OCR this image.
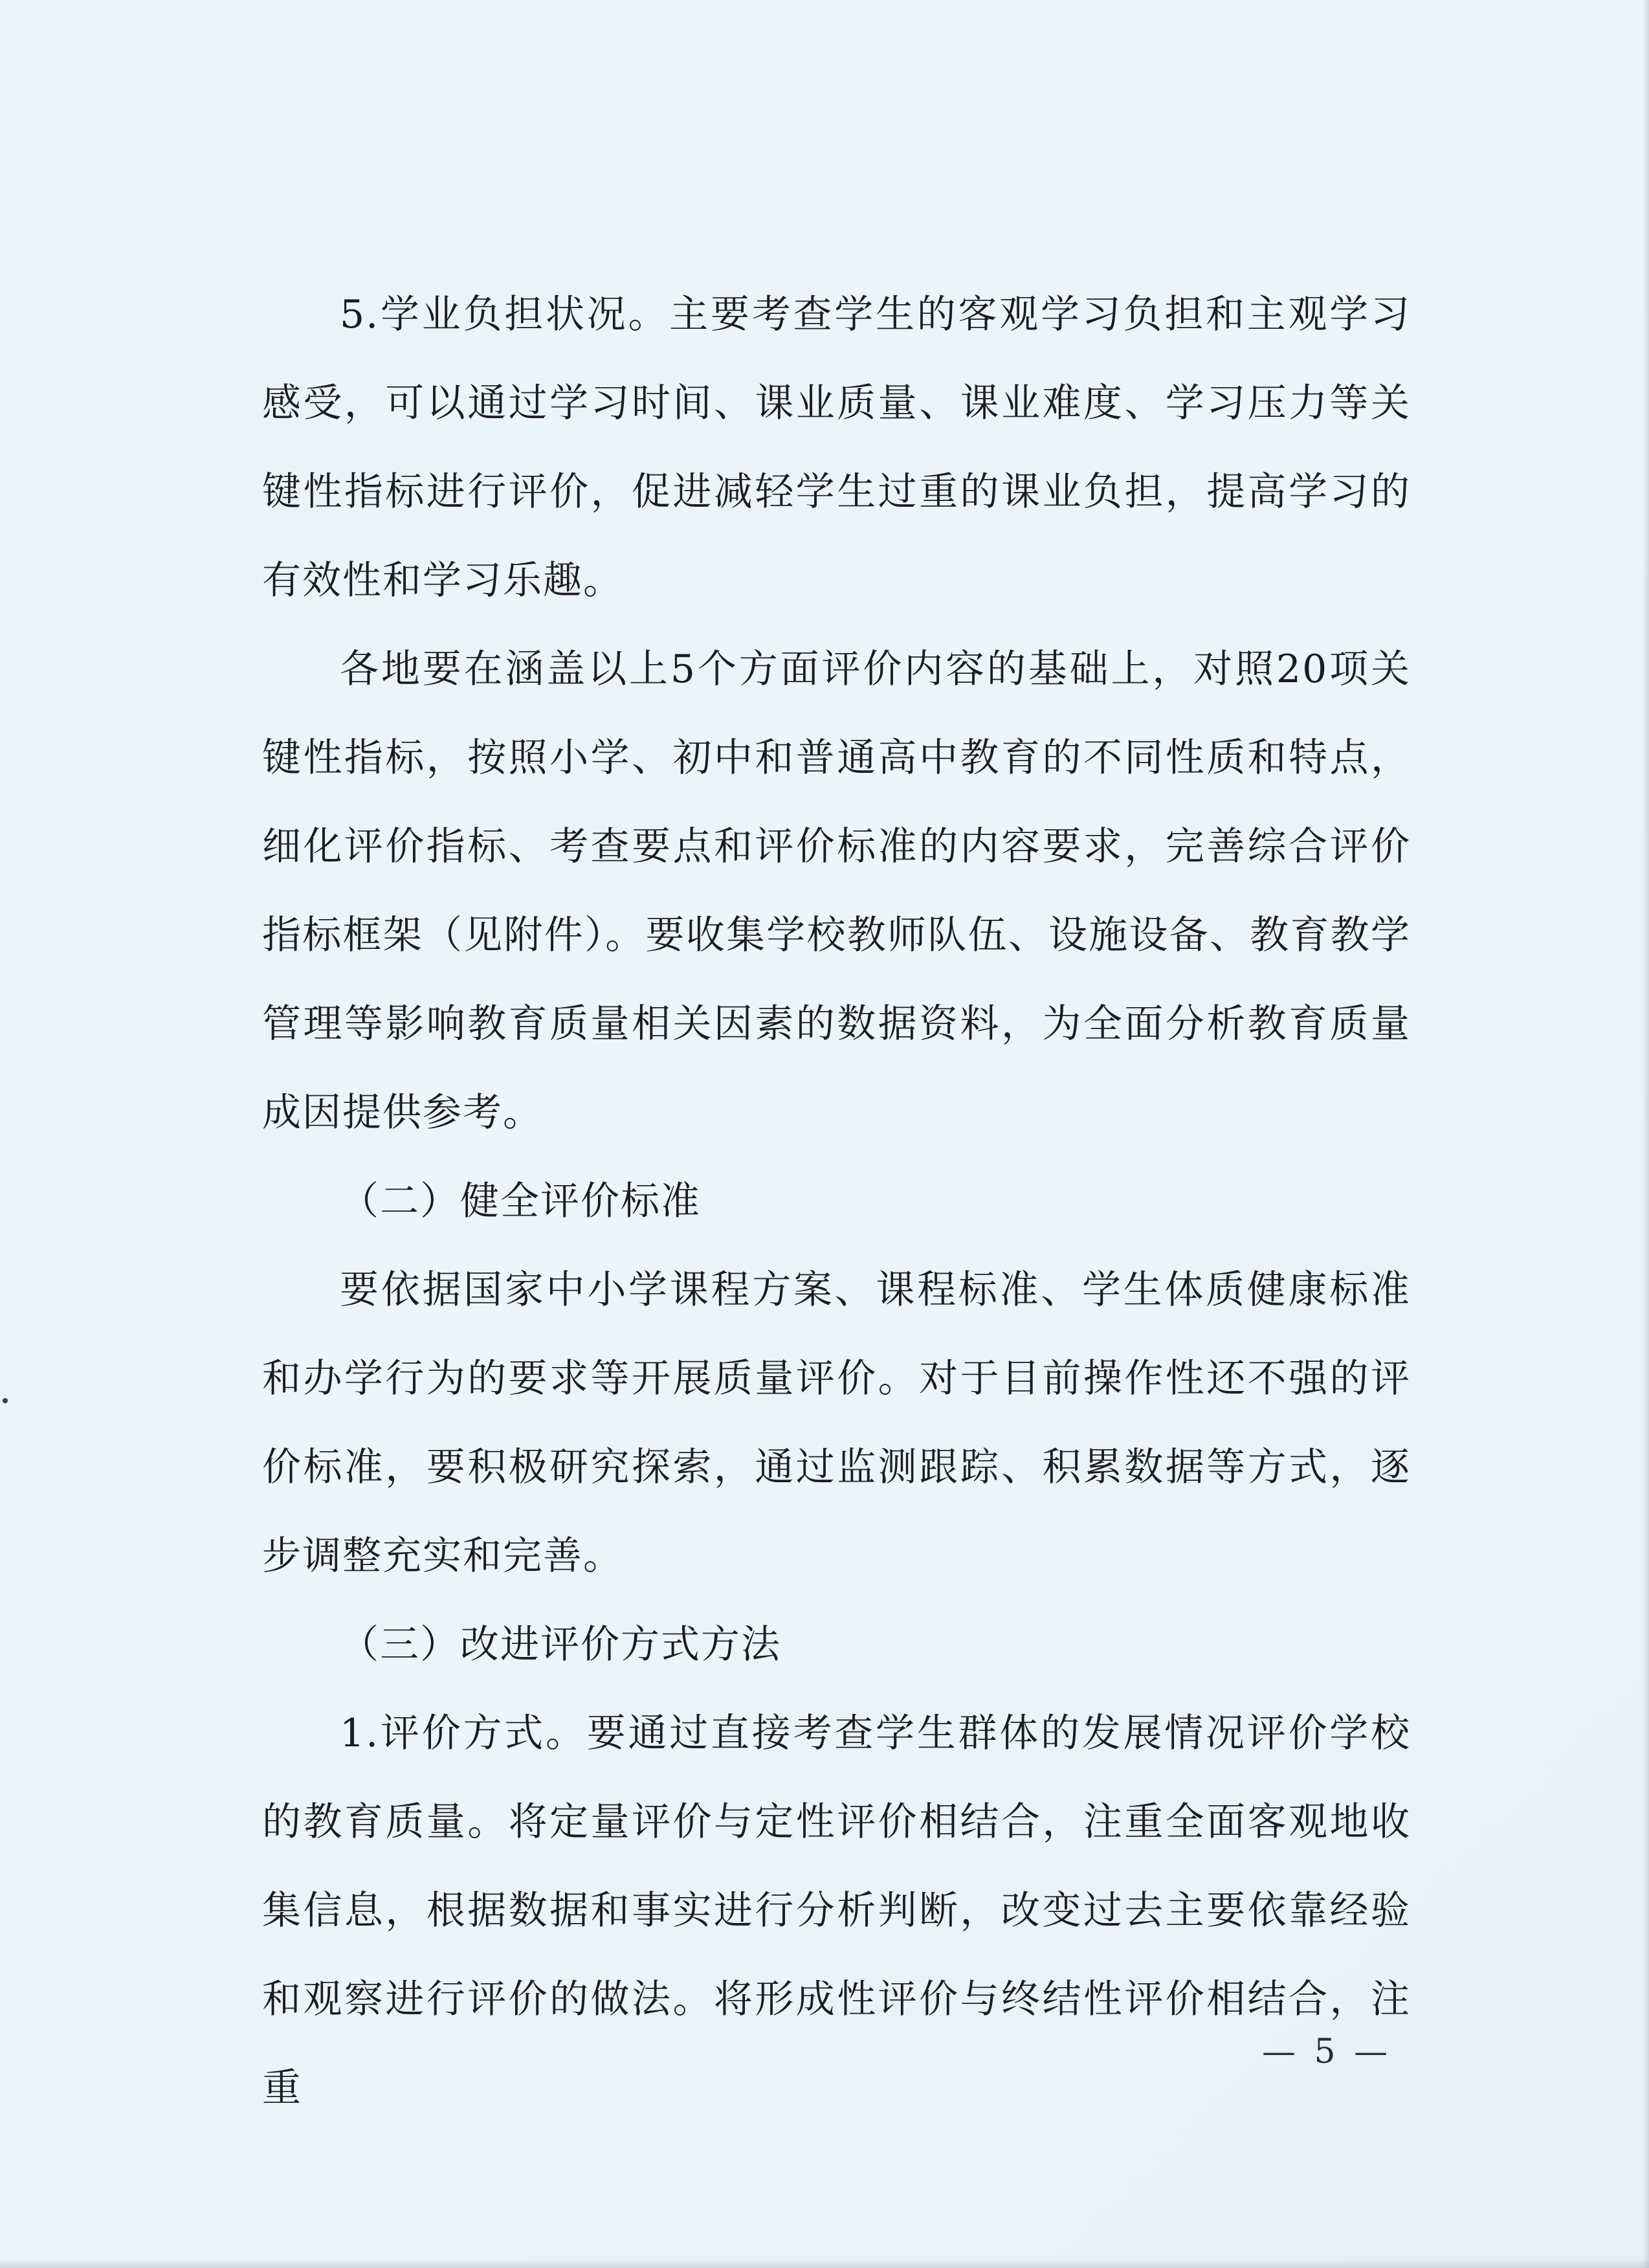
5.学业负担状况。主要考查学生的客观学习负担和主观学习感受，可以通过学习时间、课业质量、课业难度、学习压力等关键性指标进行评价，促进减轻学生过重的课业负担，提高学习的有效性和学习乐趣。

各地要在涵盖以上5个方面评价内容的基础上，对照20项关键性指标，按照小学、初中和普通高中教育的不同性质和特点，细化评价指标、考查要点和评价标准的内容要求，完善综合评价指标框架（见附件）。要收集学校教师队伍、设施设备、教育教学管理等影响教育质量相关因素的数据资料，为全面分析教育质量成因提供参考。

（二）健全评价标准

要依据国家中小学课程方案、课程标准、学生体质健康标准和办学行为的要求等开展质量评价。对于目前操作性还不强的评价标准，要积极研究探索，通过监测跟踪、积累数据等方式，逐步调整充实和完善。

（三）改进评价方式方法

1.评价方式。要通过直接考查学生群体的发展情况评价学校的教育质量。将定量评价与定性评价相结合，注重全面客观地收集信息，根据数据和事实进行分析判断，改变过去主要依靠经验和观察进行评价的做法。将形成性评价与终结性评价相结合，注重

— 5 —
